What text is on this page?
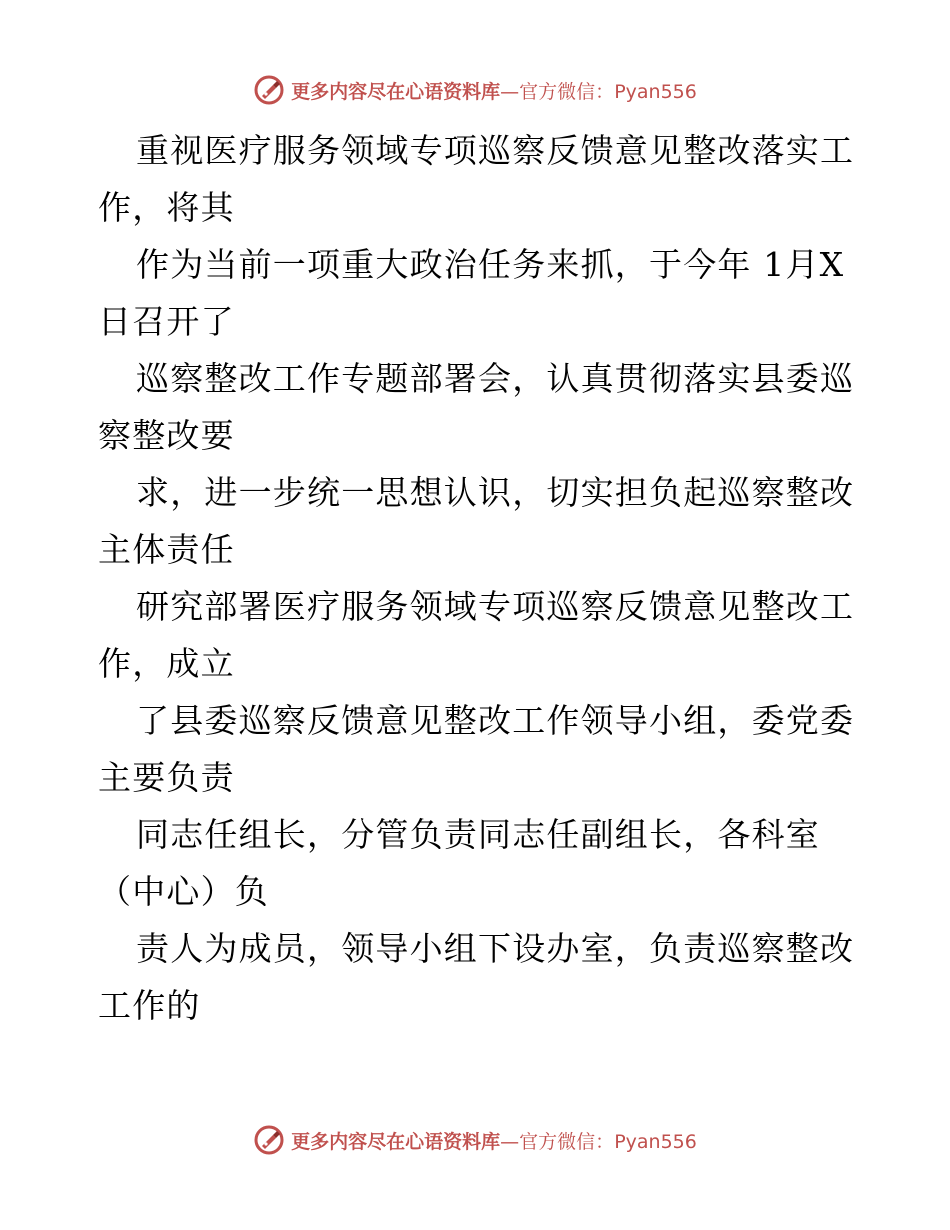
更多内容尽在心语资料库—官方微信：Pyan556

重视医疗服务领域专项巡察反馈意见整改落实工
作，将其

作为当前一项重大政治任务来抓，于今年 1月X
日召开了

巡察整改工作专题部署会，认真贯彻落实县委巡
察整改要

求，进一步统一思想认识，切实担负起巡察整改
主体责任

研究部署医疗服务领域专项巡察反馈意见整改工
作，成立

了县委巡察反馈意见整改工作领导小组，委党委
主要负责

同志任组长，分管负责同志任副组长，各科室
（中心）负

责人为成员，领导小组下设办室，负责巡察整改
工作的

更多内容尽在心语资料库—官方微信：Pyan556
